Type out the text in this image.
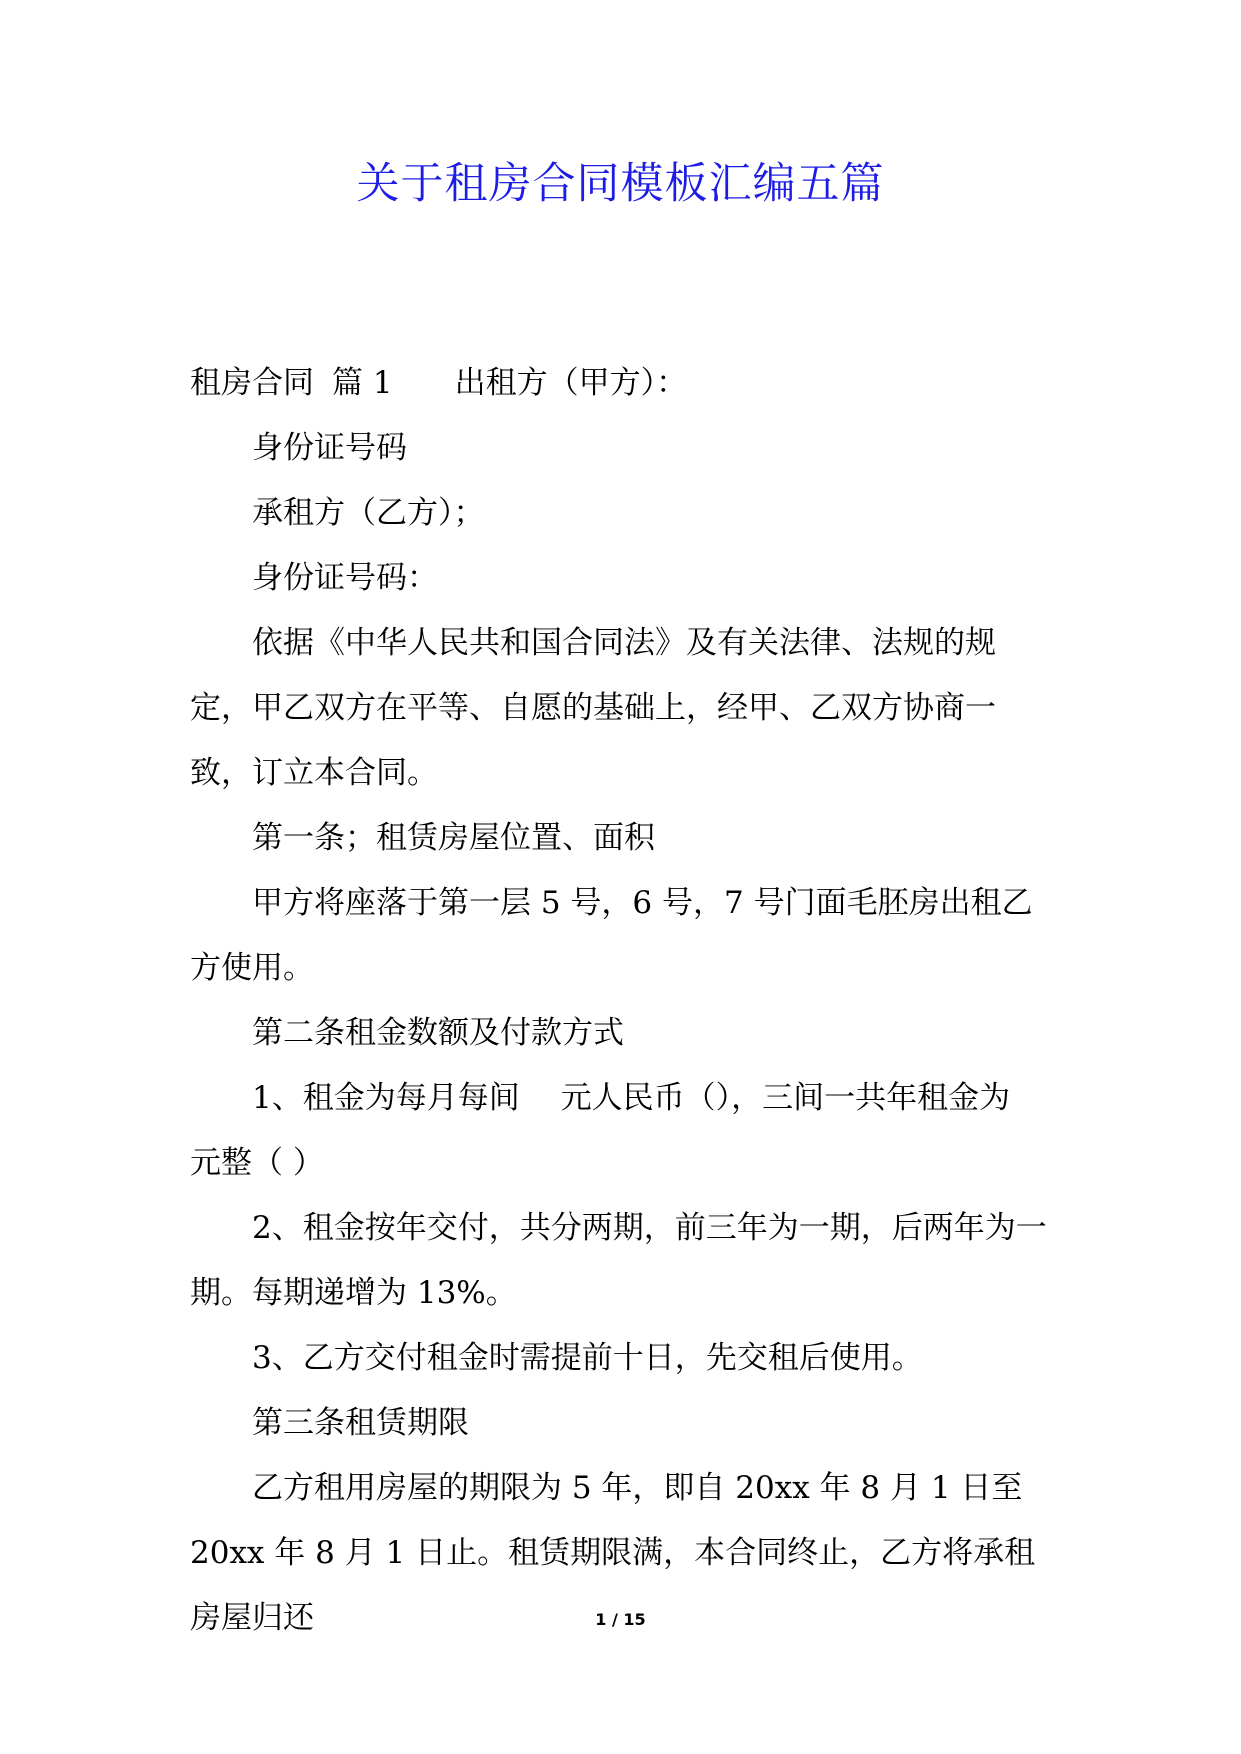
关于租房合同模板汇编五篇

租房合同 篇 1 出租方（甲方）：

身份证号码

承租方（乙方）；

身份证号码：

依据《中华人民共和国合同法》及有关法律、法规的规定，甲乙双方在平等、自愿的基础上，经甲、乙双方协商一致，订立本合同。

第一条；租赁房屋位置、面积

甲方将座落于第一层 5 号，6 号，7 号门面毛胚房出租乙方使用。

第二条租金数额及付款方式

1、租金为每月每间　 元人民币（），三间一共年租金为 元整（ ）

2、租金按年交付，共分两期，前三年为一期，后两年为一期。每期递增为 13%。

3、乙方交付租金时需提前十日，先交租后使用。

第三条租赁期限

乙方租用房屋的期限为 5 年，即自 20xx 年 8 月 1 日至 20xx 年 8 月 1 日止。租赁期限满，本合同终止，乙方将承租房屋归还	1 / 15
